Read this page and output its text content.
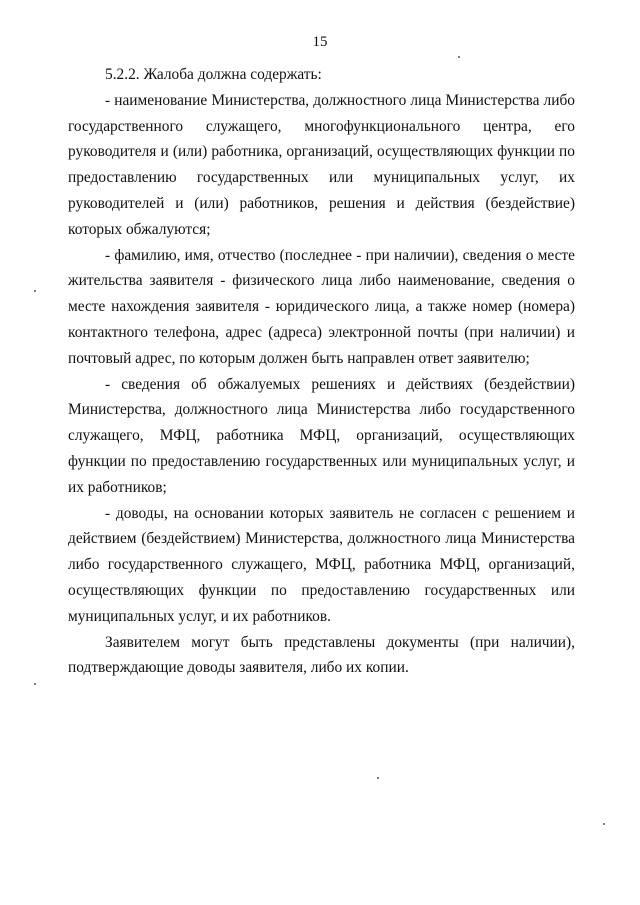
15

5.2.2. Жалоба должна содержать:

- наименование Министерства, должностного лица Министерства либо государственного служащего, многофункционального центра, его руководителя и (или) работника, организаций, осуществляющих функции по предоставлению государственных или муниципальных услуг, их руководителей и (или) работников, решения и действия (бездействие) которых обжалуются;

- фамилию, имя, отчество (последнее - при наличии), сведения о месте жительства заявителя - физического лица либо наименование, сведения о месте нахождения заявителя - юридического лица, а также номер (номера) контактного телефона, адрес (адреса) электронной почты (при наличии) и почтовый адрес, по которым должен быть направлен ответ заявителю;

- сведения об обжалуемых решениях и действиях (бездействии) Министерства, должностного лица Министерства либо государственного служащего, МФЦ, работника МФЦ, организаций, осуществляющих функции по предоставлению государственных или муниципальных услуг, и их работников;

- доводы, на основании которых заявитель не согласен с решением и действием (бездействием) Министерства, должностного лица Министерства либо государственного служащего, МФЦ, работника МФЦ, организаций, осуществляющих функции по предоставлению государственных или муниципальных услуг, и их работников.

Заявителем могут быть представлены документы (при наличии), подтверждающие доводы заявителя, либо их копии.
